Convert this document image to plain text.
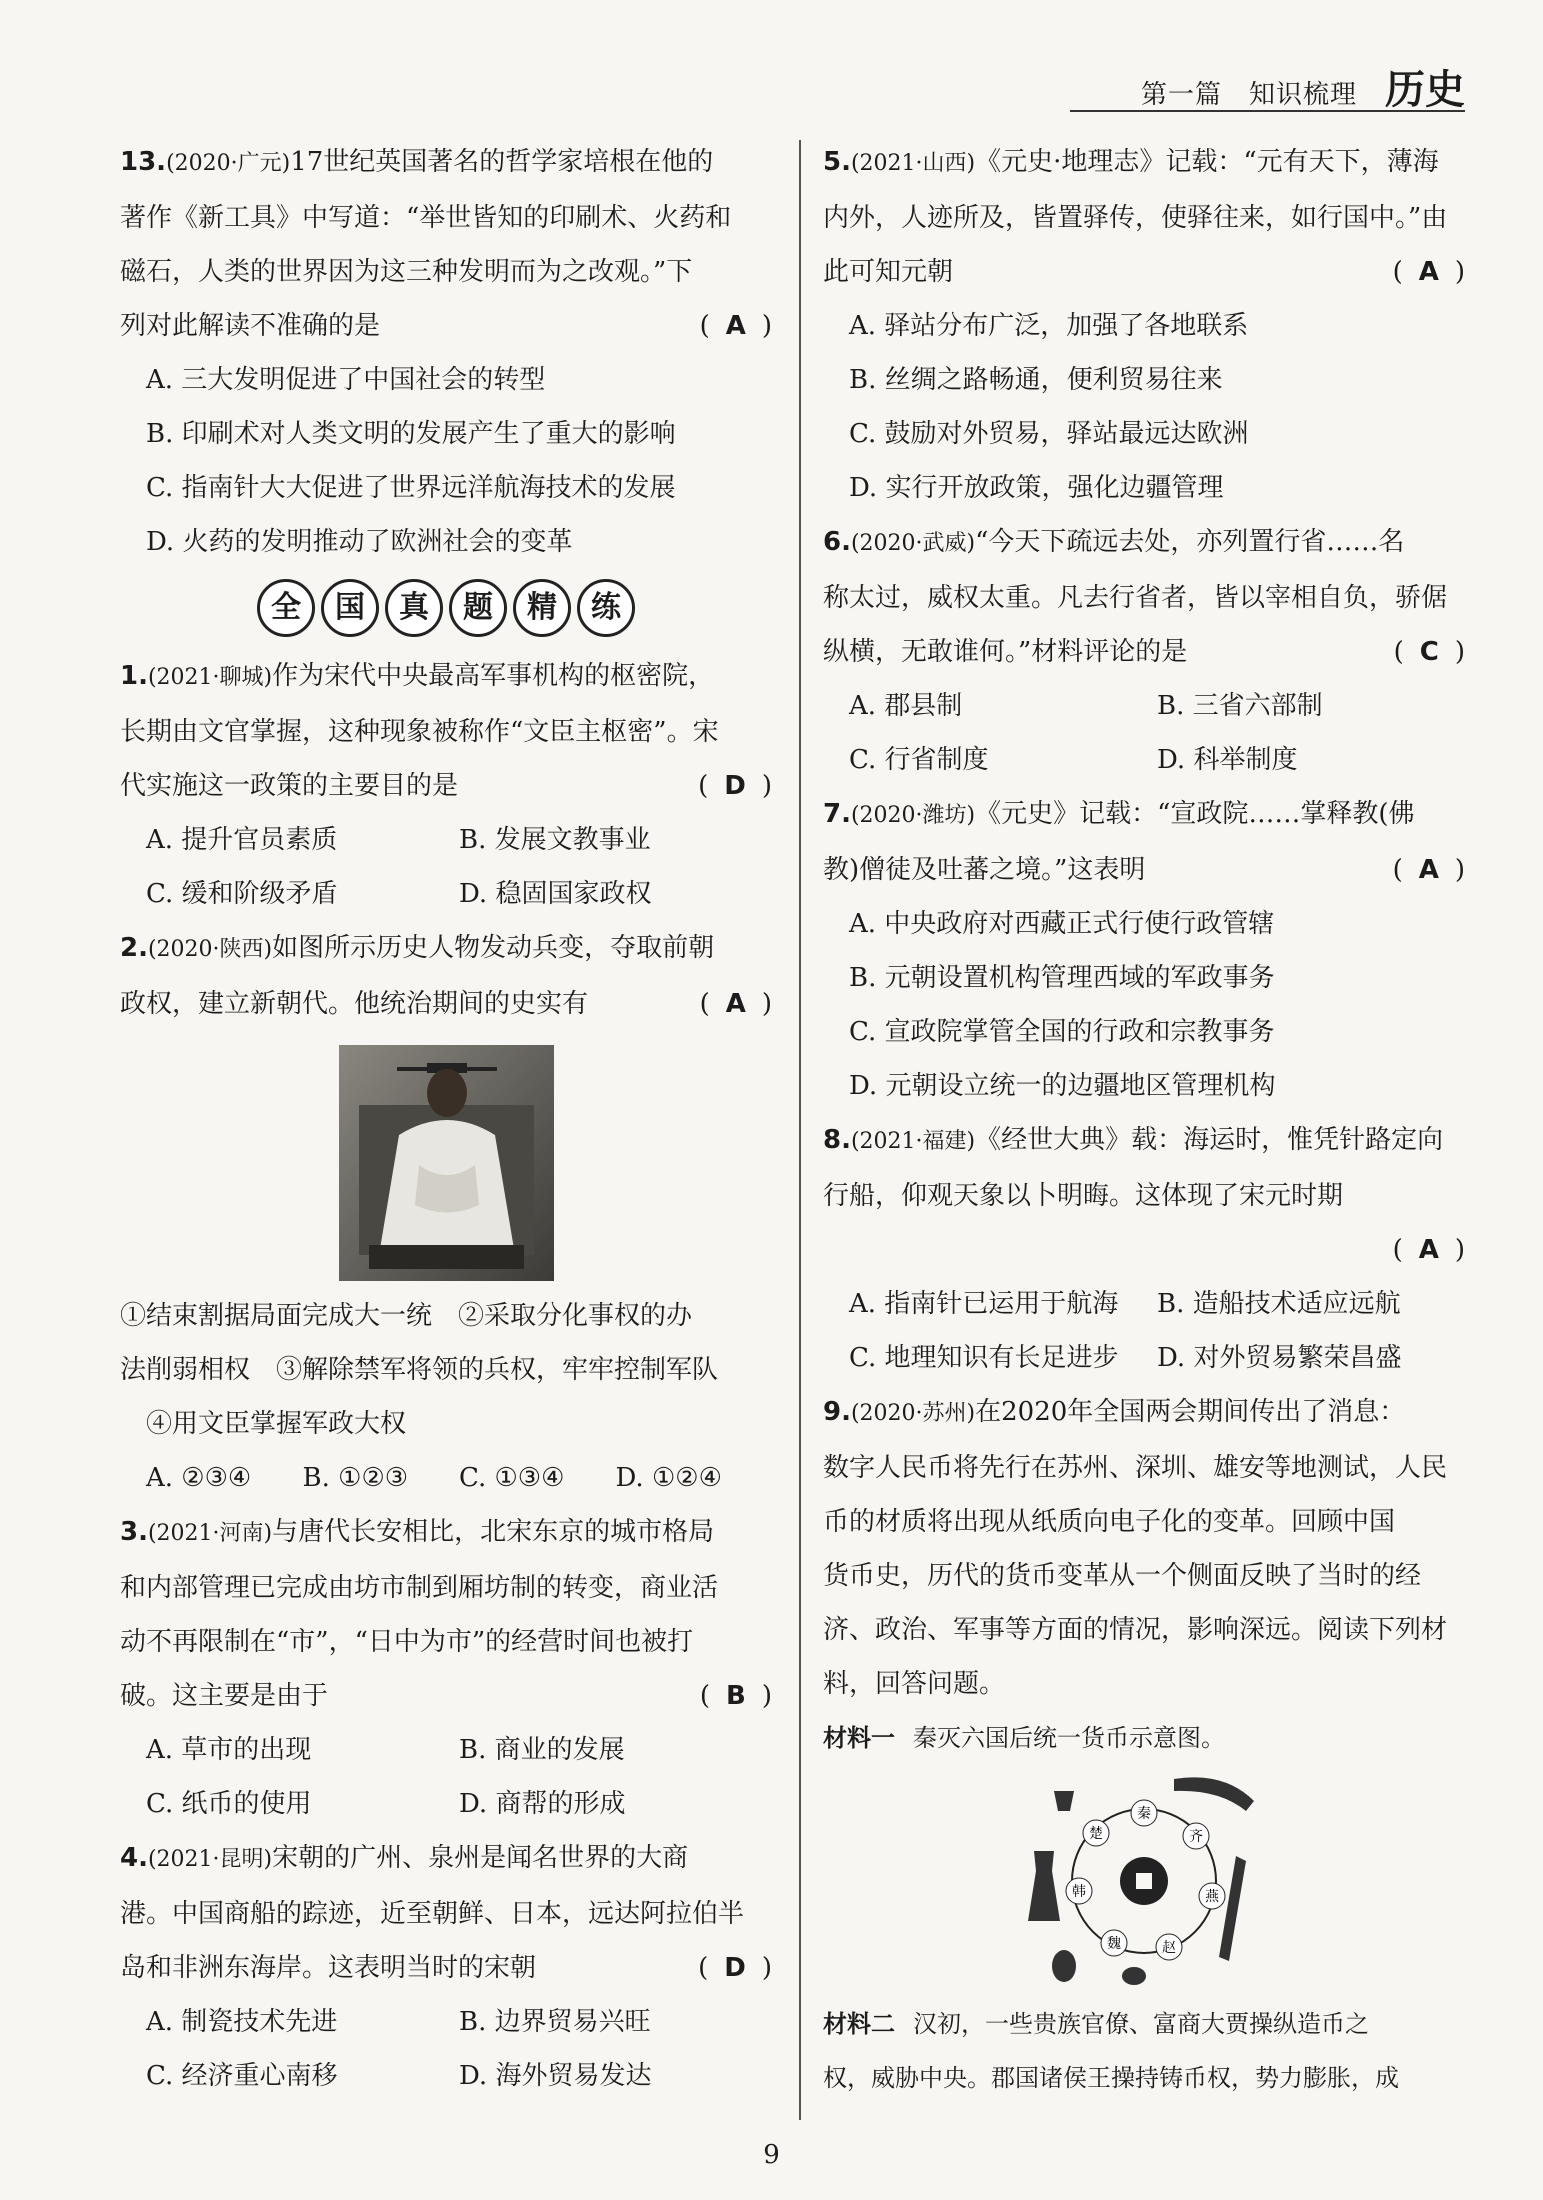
第一篇　知识梳理 历史
13.(2020·广元)17世纪英国著名的哲学家培根在他的
著作《新工具》中写道：“举世皆知的印刷术、火药和
磁石，人类的世界因为这三种发明而为之改观。”下
列对此解读不准确的是	( A )
A. 三大发明促进了中国社会的转型
B. 印刷术对人类文明的发展产生了重大的影响
C. 指南针大大促进了世界远洋航海技术的发展
D. 火药的发明推动了欧洲社会的变革
全	国	真	题	精	练
1.(2021·聊城)作为宋代中央最高军事机构的枢密院，
长期由文官掌握，这种现象被称作“文臣主枢密”。宋
代实施这一政策的主要目的是	( D )
A. 提升官员素质	B. 发展文教事业
C. 缓和阶级矛盾	D. 稳固国家政权
2.(2020·陕西)如图所示历史人物发动兵变，夺取前朝
政权，建立新朝代。他统治期间的史实有	( A )
①结束割据局面完成大一统　②采取分化事权的办
法削弱相权　③解除禁军将领的兵权，牢牢控制军队
④用文臣掌握军政大权
A. ②③④	B. ①②③	C. ①③④	D. ①②④
3.(2021·河南)与唐代长安相比，北宋东京的城市格局
和内部管理已完成由坊市制到厢坊制的转变，商业活
动不再限制在“市”，“日中为市”的经营时间也被打
破。这主要是由于	( B )
A. 草市的出现	B. 商业的发展
C. 纸币的使用	D. 商帮的形成
4.(2021·昆明)宋朝的广州、泉州是闻名世界的大商
港。中国商船的踪迹，近至朝鲜、日本，远达阿拉伯半
岛和非洲东海岸。这表明当时的宋朝	( D )
A. 制瓷技术先进	B. 边界贸易兴旺
C. 经济重心南移	D. 海外贸易发达
5.(2021·山西)《元史·地理志》记载：“元有天下，薄海
内外，人迹所及，皆置驿传，使驿往来，如行国中。”由
此可知元朝	( A )
A. 驿站分布广泛，加强了各地联系
B. 丝绸之路畅通，便利贸易往来
C. 鼓励对外贸易，驿站最远达欧洲
D. 实行开放政策，强化边疆管理
6.(2020·武威)“今天下疏远去处，亦列置行省……名
称太过，威权太重。凡去行省者，皆以宰相自负，骄倨
纵横，无敢谁何。”材料评论的是	( C )
A. 郡县制	B. 三省六部制
C. 行省制度	D. 科举制度
7.(2020·潍坊)《元史》记载：“宣政院……掌释教(佛
教)僧徒及吐蕃之境。”这表明	( A )
A. 中央政府对西藏正式行使行政管辖
B. 元朝设置机构管理西域的军政事务
C. 宣政院掌管全国的行政和宗教事务
D. 元朝设立统一的边疆地区管理机构
8.(2021·福建)《经世大典》载：海运时，惟凭针路定向
行船，仰观天象以卜明晦。这体现了宋元时期
( A )
A. 指南针已运用于航海	B. 造船技术适应远航
C. 地理知识有长足进步	D. 对外贸易繁荣昌盛
9.(2020·苏州)在2020年全国两会期间传出了消息：
数字人民币将先行在苏州、深圳、雄安等地测试，人民
币的材质将出现从纸质向电子化的变革。回顾中国
货币史，历代的货币变革从一个侧面反映了当时的经
济、政治、军事等方面的情况，影响深远。阅读下列材
料，回答问题。
材料一 秦灭六国后统一货币示意图。
秦
齐
燕
赵
魏
韩
楚
材料二 汉初，一些贵族官僚、富商大贾操纵造币之
权，威胁中央。郡国诸侯王操持铸币权，势力膨胀，成
9
